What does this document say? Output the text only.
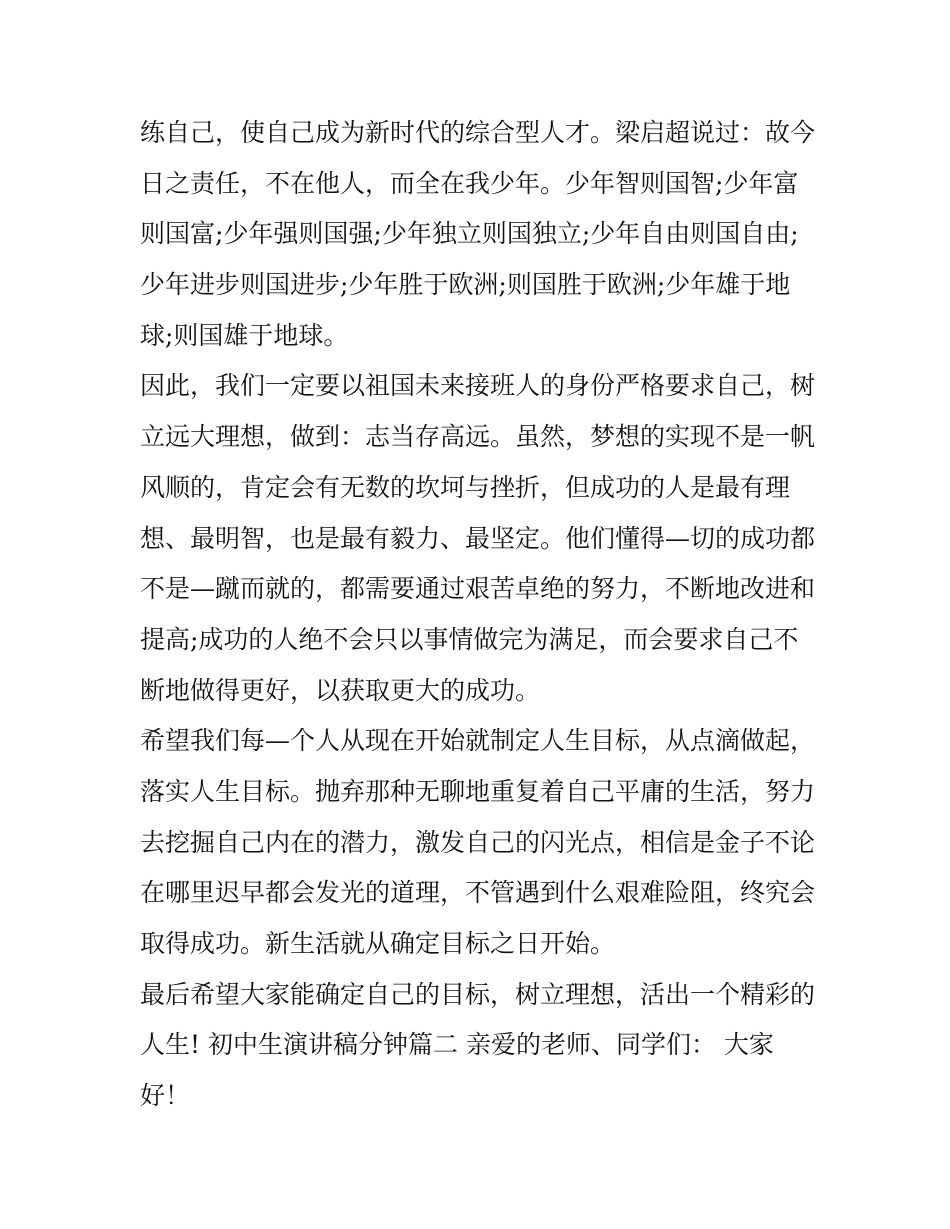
练自己，使自己成为新时代的综合型人才。梁启超说过：故今
日之责任，不在他人，而全在我少年。少年智则国智;少年富
则国富;少年强则国强;少年独立则国独立;少年自由则国自由;
少年进步则国进步;少年胜于欧洲;则国胜于欧洲;少年雄于地
球;则国雄于地球。
因此，我们一定要以祖国未来接班人的身份严格要求自己，树
立远大理想，做到：志当存高远。虽然，梦想的实现不是一帆
风顺的，肯定会有无数的坎坷与挫折，但成功的人是最有理
想、最明智，也是最有毅力、最坚定。他们懂得—切的成功都
不是—蹴而就的，都需要通过艰苦卓绝的努力，不断地改进和
提高;成功的人绝不会只以事情做完为满足，而会要求自己不
断地做得更好，以获取更大的成功。
希望我们每—个人从现在开始就制定人生目标，从点滴做起，
落实人生目标。抛弃那种无聊地重复着自己平庸的生活，努力
去挖掘自己内在的潜力，激发自己的闪光点，相信是金子不论
在哪里迟早都会发光的道理，不管遇到什么艰难险阻，终究会
取得成功。新生活就从确定目标之日开始。
最后希望大家能确定自己的目标，树立理想，活出一个精彩的
人生! 初中生演讲稿分钟篇二 亲爱的老师、同学们： 大家
好！
